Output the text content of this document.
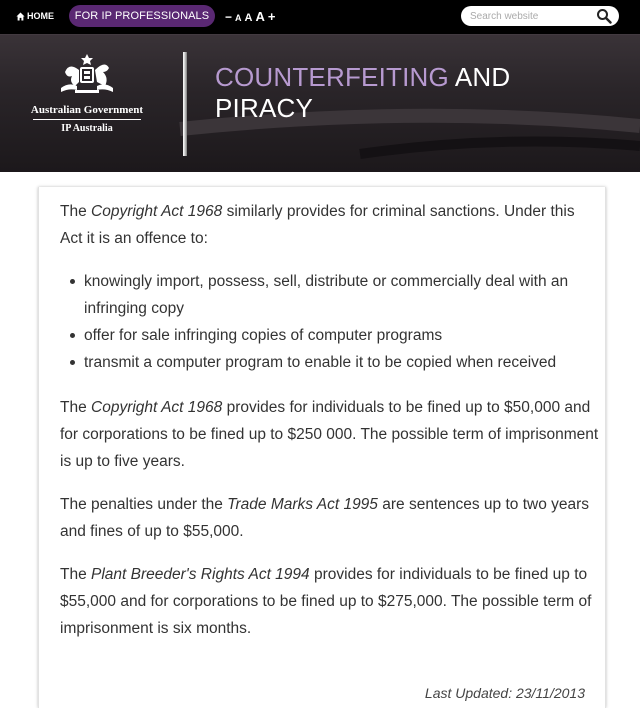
HOME	FOR IP PROFESSIONALS	− A A A +
Search website
Australian Government
IP Australia
COUNTERFEITING AND
PIRACY

The Copyright Act 1968 similarly provides for criminal sanctions. Under this Act it is an offence to:

knowingly import, possess, sell, distribute or commercially deal with an infringing copy
offer for sale infringing copies of computer programs
transmit a computer program to enable it to be copied when received

The Copyright Act 1968 provides for individuals to be fined up to $50,000 and for corporations to be fined up to $250 000. The possible term of imprisonment is up to five years.

The penalties under the Trade Marks Act 1995 are sentences up to two years and fines of up to $55,000.

The Plant Breeder's Rights Act 1994 provides for individuals to be fined up to $55,000 and for corporations to be fined up to $275,000. The possible term of imprisonment is six months.

Last Updated: 23/11/2013
